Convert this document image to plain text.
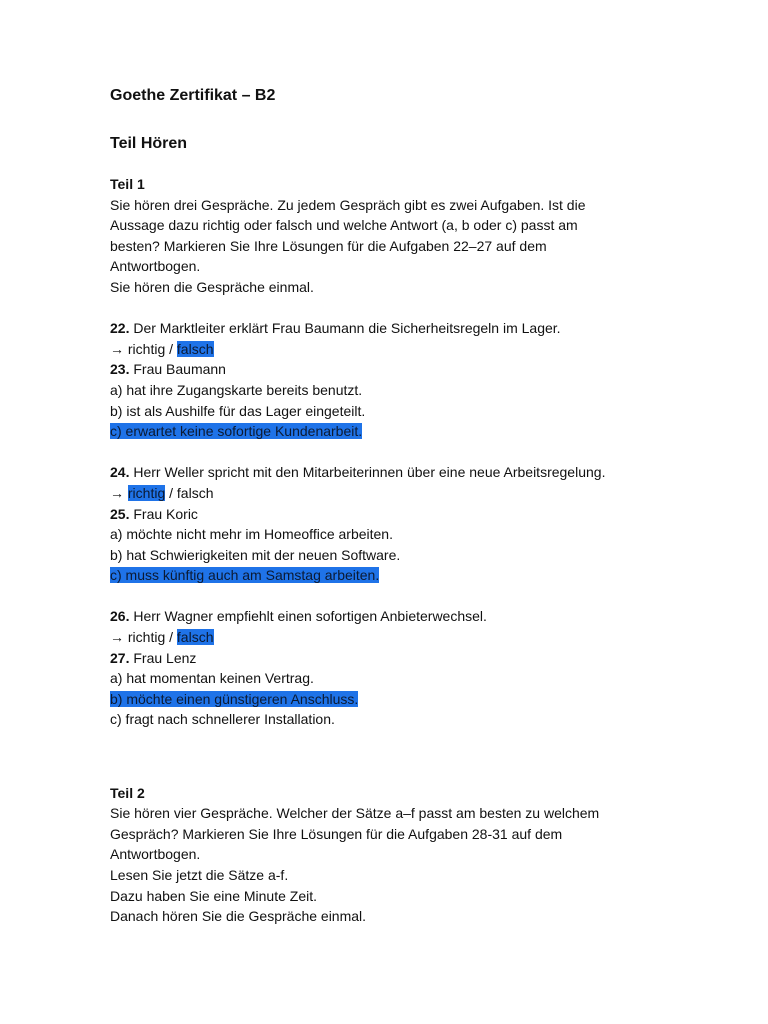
Goethe Zertifikat – B2
Teil Hören
Teil 1
Sie hören drei Gespräche. Zu jedem Gespräch gibt es zwei Aufgaben. Ist die
Aussage dazu richtig oder falsch und welche Antwort (a, b oder c) passt am
besten? Markieren Sie Ihre Lösungen für die Aufgaben 22–27 auf dem
Antwortbogen.
Sie hören die Gespräche einmal.
22. Der Marktleiter erklärt Frau Baumann die Sicherheitsregeln im Lager.
→ richtig / falsch
23. Frau Baumann
a) hat ihre Zugangskarte bereits benutzt.
b) ist als Aushilfe für das Lager eingeteilt.
c) erwartet keine sofortige Kundenarbeit.
24. Herr Weller spricht mit den Mitarbeiterinnen über eine neue Arbeitsregelung.
→ richtig / falsch
25. Frau Koric
a) möchte nicht mehr im Homeoffice arbeiten.
b) hat Schwierigkeiten mit der neuen Software.
c) muss künftig auch am Samstag arbeiten.
26. Herr Wagner empfiehlt einen sofortigen Anbieterwechsel.
→ richtig / falsch
27. Frau Lenz
a) hat momentan keinen Vertrag.
b) möchte einen günstigeren Anschluss.
c) fragt nach schnellerer Installation.
Teil 2
Sie hören vier Gespräche. Welcher der Sätze a–f passt am besten zu welchem
Gespräch? Markieren Sie Ihre Lösungen für die Aufgaben 28-31 auf dem
Antwortbogen.
Lesen Sie jetzt die Sätze a-f.
Dazu haben Sie eine Minute Zeit.
Danach hören Sie die Gespräche einmal.
